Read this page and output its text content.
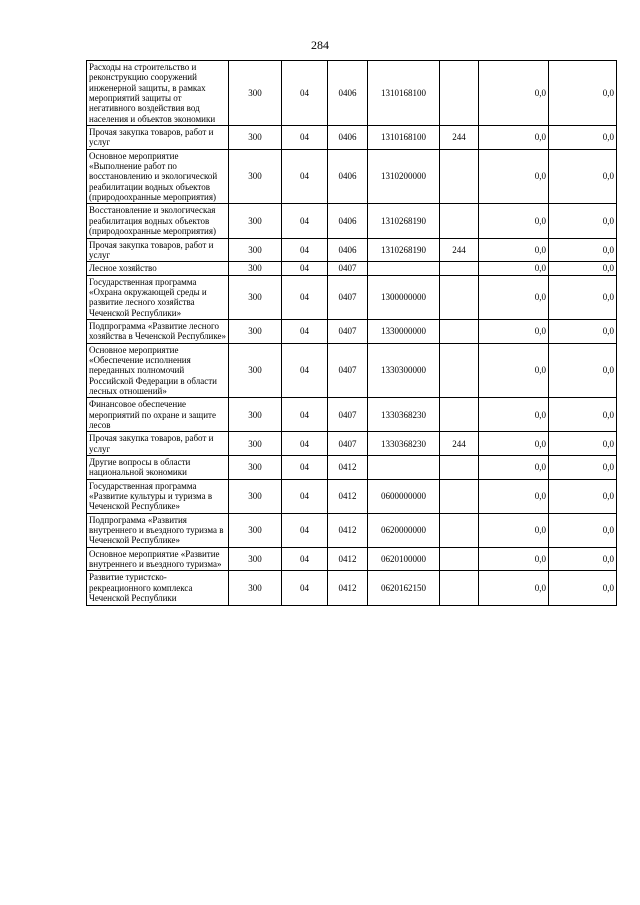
284
Расходы на строительство и реконструкцию сооружений инженерной защиты, в рамках мероприятий защиты от негативного воздействия вод населения и объектов экономики	300	04	0406	1310168100		0,0	0,0
Прочая закупка товаров, работ и услуг	300	04	0406	1310168100	244	0,0	0,0
Основное мероприятие «Выполнение работ по восстановлению и экологической реабилитации водных объектов (природоохранные мероприятия)	300	04	0406	1310200000		0,0	0,0
Восстановление и экологическая реабилитация водных объектов (природоохранные мероприятия)	300	04	0406	1310268190		0,0	0,0
Прочая закупка товаров, работ и услуг	300	04	0406	1310268190	244	0,0	0,0
Лесное хозяйство	300	04	0407			0,0	0,0
Государственная программа «Охрана окружающей среды и развитие лесного хозяйства Чеченской Республики»	300	04	0407	1300000000		0,0	0,0
Подпрограмма «Развитие лесного хозяйства в Чеченской Республике»	300	04	0407	1330000000		0,0	0,0
Основное мероприятие «Обеспечение исполнения переданных полномочий Российской Федерации в области лесных отношений»	300	04	0407	1330300000		0,0	0,0
Финансовое обеспечение мероприятий по охране и защите лесов	300	04	0407	1330368230		0,0	0,0
Прочая закупка товаров, работ и услуг	300	04	0407	1330368230	244	0,0	0,0
Другие вопросы в области национальной экономики	300	04	0412			0,0	0,0
Государственная программа «Развитие культуры и туризма в Чеченской Республике»	300	04	0412	0600000000		0,0	0,0
Подпрограмма «Развития внутреннего и въездного туризма в Чеченской Республике»	300	04	0412	0620000000		0,0	0,0
Основное мероприятие «Развитие внутреннего и въездного туризма»	300	04	0412	0620100000		0,0	0,0
Развитие туристско-рекреационного комплекса Чеченской Республики	300	04	0412	0620162150		0,0	0,0
